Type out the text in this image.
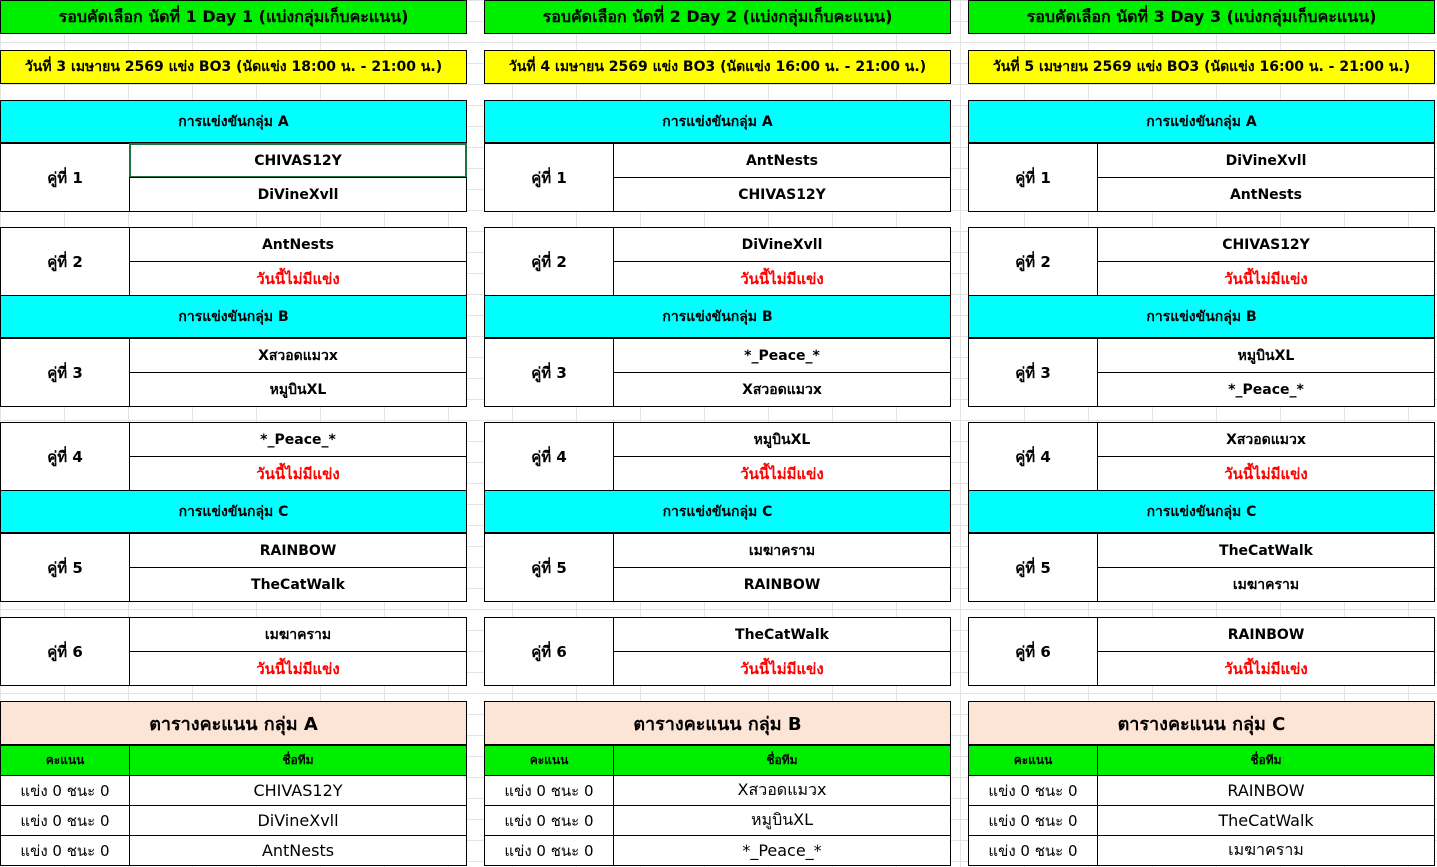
รอบคัดเลือก นัดที่ 1 Day 1 (แบ่งกลุ่มเก็บคะแนน)
วันที่ 3 เมษายน 2569 แข่ง BO3 (นัดแข่ง 18:00 น. - 21:00 น.)
การแข่งขันกลุ่ม A
คู่ที่ 1
CHIVAS12Y
DiVineXvll
คู่ที่ 2
AntNests
วันนี้ไม่มีแข่ง
การแข่งขันกลุ่ม B
คู่ที่ 3
Xสวอดแมวx
หมูบินXL
คู่ที่ 4
*_Peace_*
วันนี้ไม่มีแข่ง
การแข่งขันกลุ่ม C
คู่ที่ 5
RAINBOW
TheCatWalk
คู่ที่ 6
เมฆาคราม
วันนี้ไม่มีแข่ง
ตารางคะแนน กลุ่ม A
คะแนน	ชื่อทีม
แข่ง 0 ชนะ 0	CHIVAS12Y
แข่ง 0 ชนะ 0	DiVineXvll
แข่ง 0 ชนะ 0	AntNests
รอบคัดเลือก นัดที่ 2 Day 2 (แบ่งกลุ่มเก็บคะแนน)
วันที่ 4 เมษายน 2569 แข่ง BO3 (นัดแข่ง 16:00 น. - 21:00 น.)
การแข่งขันกลุ่ม A
คู่ที่ 1
AntNests
CHIVAS12Y
คู่ที่ 2
DiVineXvll
วันนี้ไม่มีแข่ง
การแข่งขันกลุ่ม B
คู่ที่ 3
*_Peace_*
Xสวอดแมวx
คู่ที่ 4
หมูบินXL
วันนี้ไม่มีแข่ง
การแข่งขันกลุ่ม C
คู่ที่ 5
เมฆาคราม
RAINBOW
คู่ที่ 6
TheCatWalk
วันนี้ไม่มีแข่ง
ตารางคะแนน กลุ่ม B
คะแนน	ชื่อทีม
แข่ง 0 ชนะ 0	Xสวอดแมวx
แข่ง 0 ชนะ 0	หมูบินXL
แข่ง 0 ชนะ 0	*_Peace_*
รอบคัดเลือก นัดที่ 3 Day 3 (แบ่งกลุ่มเก็บคะแนน)
วันที่ 5 เมษายน 2569 แข่ง BO3 (นัดแข่ง 16:00 น. - 21:00 น.)
การแข่งขันกลุ่ม A
คู่ที่ 1
DiVineXvll
AntNests
คู่ที่ 2
CHIVAS12Y
วันนี้ไม่มีแข่ง
การแข่งขันกลุ่ม B
คู่ที่ 3
หมูบินXL
*_Peace_*
คู่ที่ 4
Xสวอดแมวx
วันนี้ไม่มีแข่ง
การแข่งขันกลุ่ม C
คู่ที่ 5
TheCatWalk
เมฆาคราม
คู่ที่ 6
RAINBOW
วันนี้ไม่มีแข่ง
ตารางคะแนน กลุ่ม C
คะแนน	ชื่อทีม
แข่ง 0 ชนะ 0	RAINBOW
แข่ง 0 ชนะ 0	TheCatWalk
แข่ง 0 ชนะ 0	เมฆาคราม
